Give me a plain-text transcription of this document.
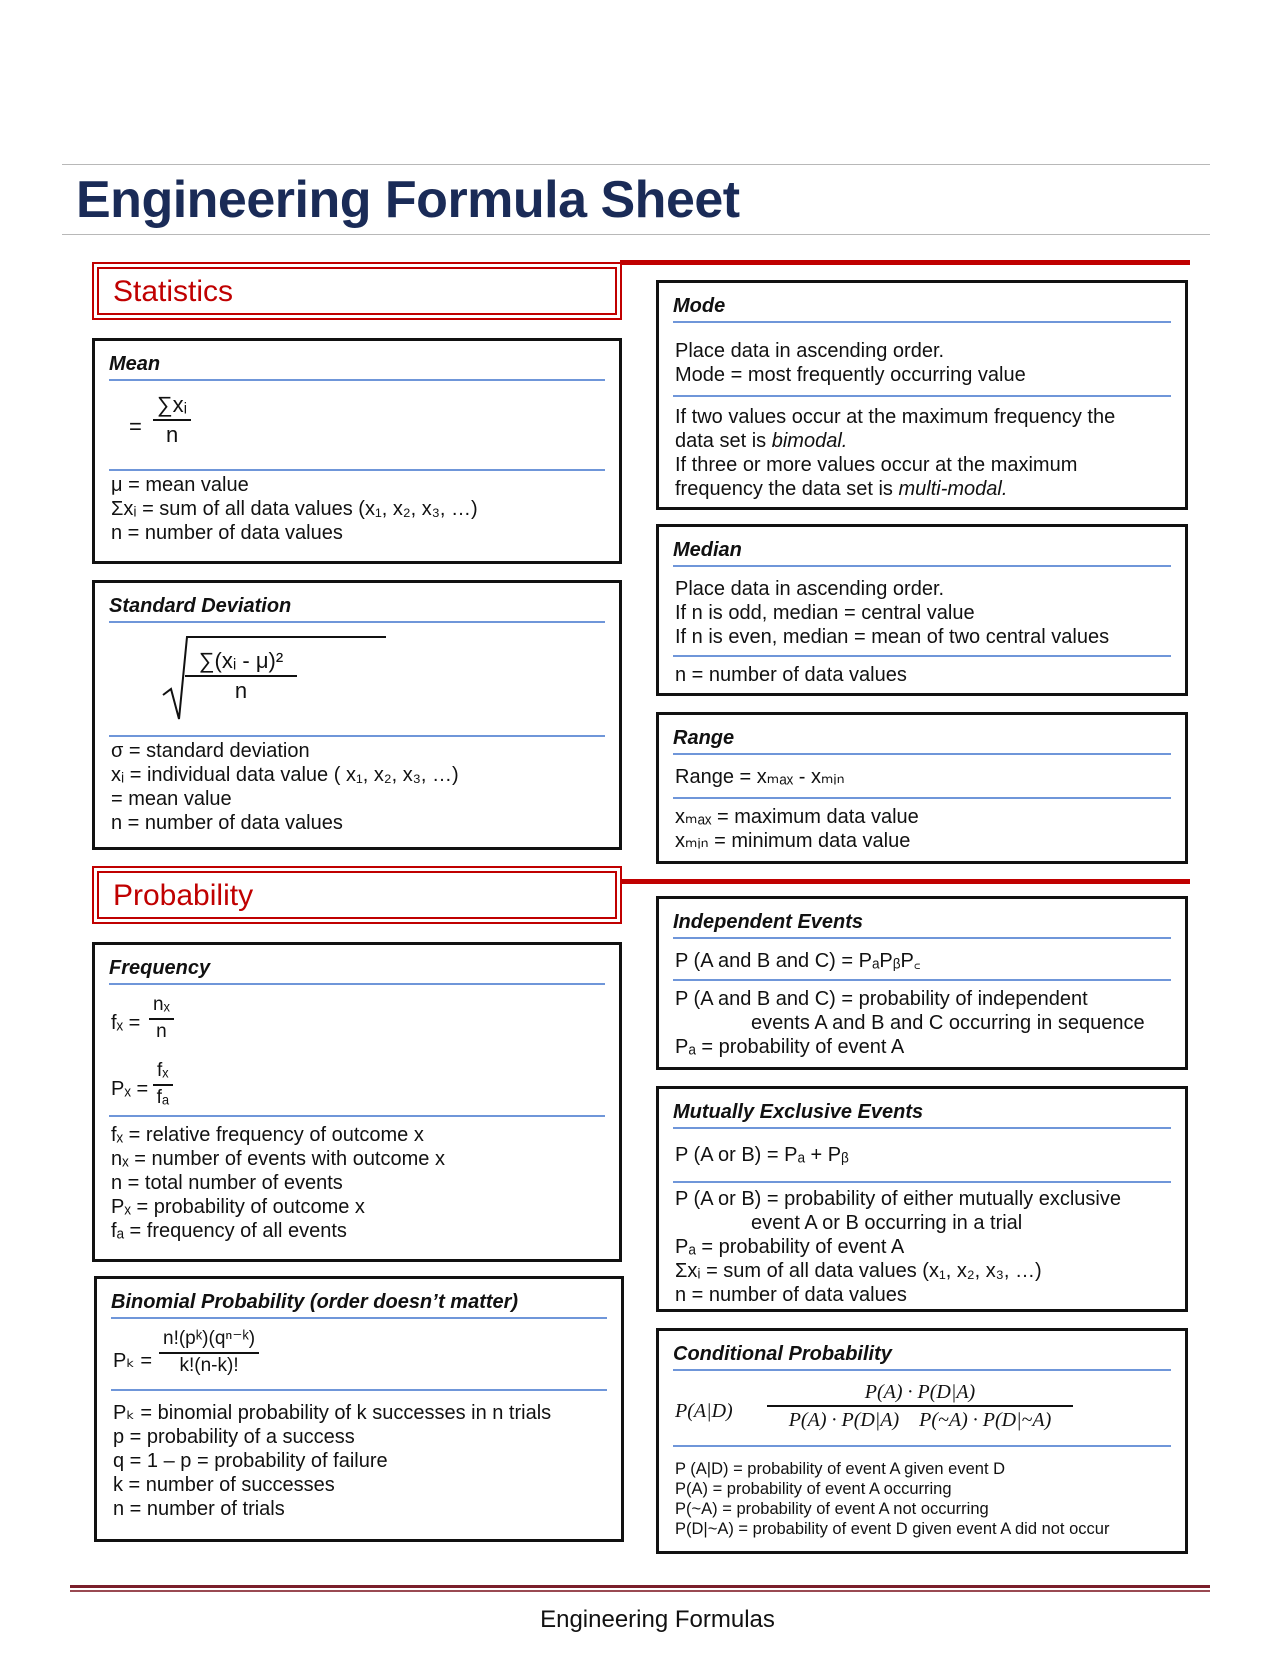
Engineering Formula Sheet
Statistics
Mean
= $\frac{\text{∑xᵢ}}{n}$
μ = mean value
Σxᵢ = sum of all data values (x₁, x₂, x₃, …)
n = number of data values
Standard Deviation
$\frac{\text{∑(xᵢ - μ)²}}{n}$
σ = standard deviation
xᵢ = individual data value ( x₁, x₂, x₃, …)
= mean value
n = number of data values
Probability
Frequency
$f_x = \frac{\text{nₓ}}{n}$
$P_x = \frac{\text{fₓ}}{\text{fₐ}}$
fₓ = relative frequency of outcome x
nₓ = number of events with outcome x
n = total number of events
Pₓ = probability of outcome x
fₐ = frequency of all events
Binomial Probability (order doesn’t matter)
$P_k = \frac{\text{n!(pᵏ)(qⁿ⁻ᵏ)}}{k!(n-k)!}$
Pₖ = binomial probability of k successes in n trials
p = probability of a success
q = 1 – p = probability of failure
k = number of successes
n = number of trials
Mode
Place data in ascending order.
Mode = most frequently occurring value
If two values occur at the maximum frequency the
data set is bimodal.
If three or more values occur at the maximum
frequency the data set is multi-modal.
Median
Place data in ascending order.
If n is odd, median = central value
If n is even, median = mean of two central values
n = number of data values
Range
Range = xₘₐₓ - xₘᵢₙ
xₘₐₓ = maximum data value
xₘᵢₙ = minimum data value
Independent Events
P (A and B and C) = PₐPᵦP꜀
P (A and B and C) = probability of independent
events A and B and C occurring in sequence
Pₐ = probability of event A
Mutually Exclusive Events
P (A or B) = Pₐ + Pᵦ
P (A or B) = probability of either mutually exclusive
event A or B occurring in a trial
Pₐ = probability of event A
Σxᵢ = sum of all data values (x₁, x₂, x₃, …)
n = number of data values
Conditional Probability
$P(A|D) \frac{P(A) \cdot P(D|A)}{P(A) \cdot P(D|A) P(\sim A) \cdot P(D|\sim A)}$
P (A|D) = probability of event A given event D
P(A) = probability of event A occurring
P(~A) = probability of event A not occurring
P(D|~A) = probability of event D given event A did not occur
Engineering Formulas
